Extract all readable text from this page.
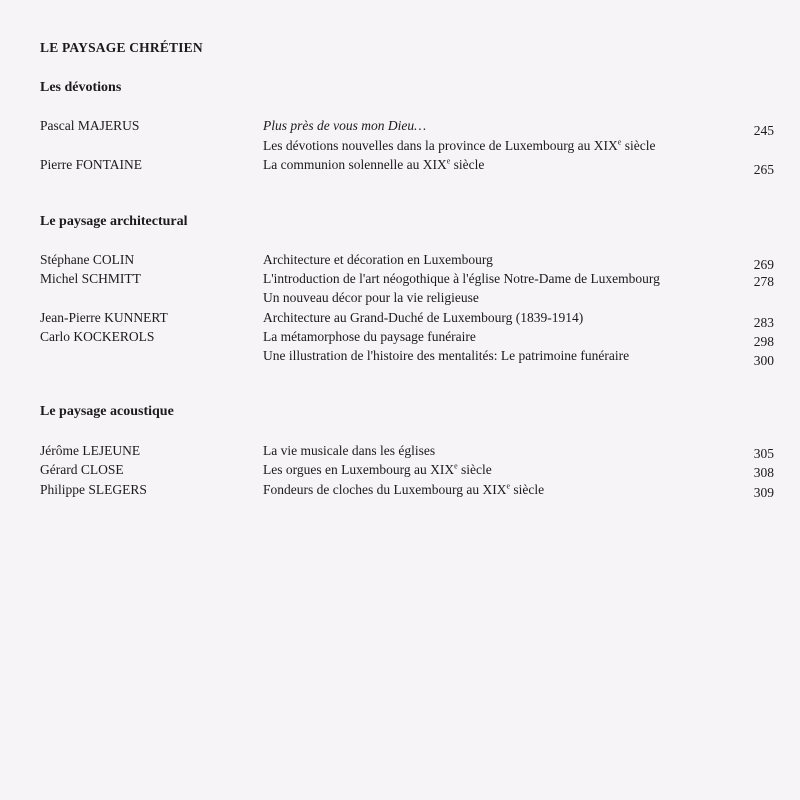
LE PAYSAGE CHRÉTIEN
Les dévotions
Pascal MAJERUS	Plus près de vous mon Dieu…	245
Les dévotions nouvelles dans la province de Luxembourg au XIXe siècle
Pierre FONTAINE	La communion solennelle au XIXe siècle	265
Le paysage architectural
Stéphane COLIN	Architecture et décoration en Luxembourg	269
Michel SCHMITT	L'introduction de l'art néogothique à l'église Notre-Dame de Luxembourg	278
Un nouveau décor pour la vie religieuse
Jean-Pierre KUNNERT	Architecture au Grand-Duché de Luxembourg (1839-1914)	283
Carlo KOCKEROLS	La métamorphose du paysage funéraire	298
Une illustration de l'histoire des mentalités: Le patrimoine funéraire	300
Le paysage acoustique
Jérôme LEJEUNE	La vie musicale dans les églises	305
Gérard CLOSE	Les orgues en Luxembourg au XIXe siècle	308
Philippe SLEGERS	Fondeurs de cloches du Luxembourg au XIXe siècle	309
